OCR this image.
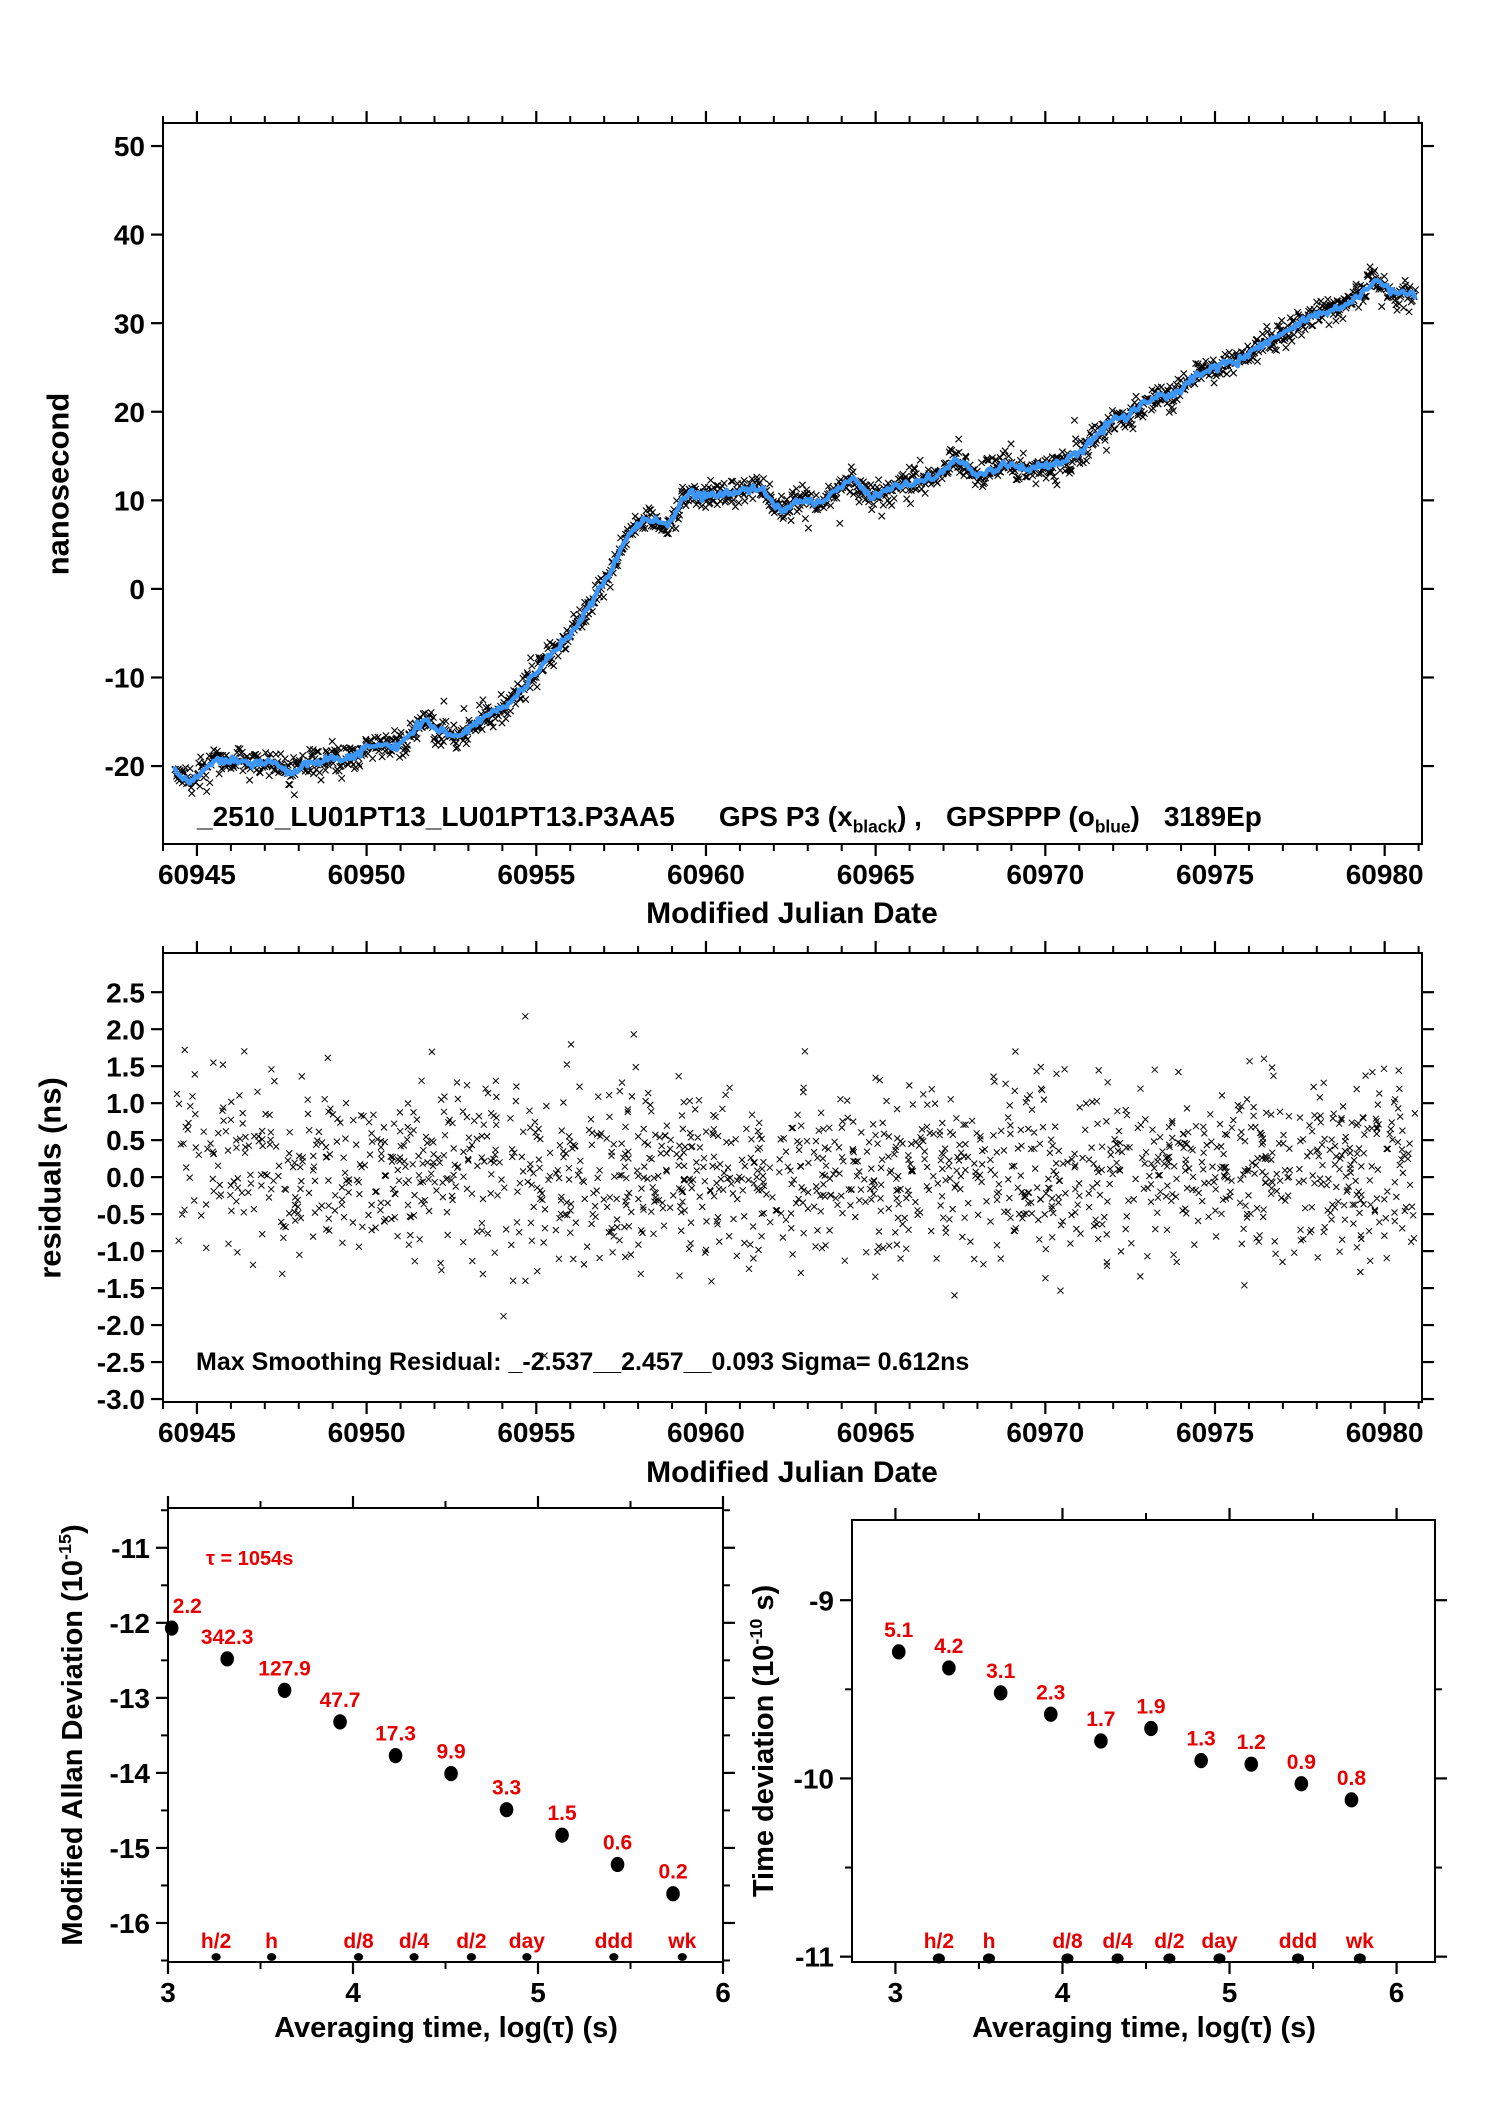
60945	60950	60955	60960	60965	60970	60975	60980
-20
-10
0
10
20
30
40
50
60945	60950	60955	60960	60965	60970	60975	60980
-3.0
-2.5
-2.0
-1.5
-1.0
-0.5
0.0
0.5
1.0
1.5
2.0
2.5
3	4	5	6
-16
-15
-14
-13
-12
-11
2.2
342.3
127.9
47.7
17.3
9.9
3.3
1.5
0.6
0.2
h/2 h	d/8 d/4 d/2 day ddd wk
3	4	5	6
-11
-10
-9
5.1
4.2
3.1
2.3
1.7
1.9
1.3 1.2
0.9
0.8
h/2 h	d/8 d/4 d/2 day ddd wk
nanosecond
_2510_LU01PT13_LU01PT13.P3AA5 GPS P3 $(x_{black})$ , GPSPPP $(o_{blue})$ 3189Ep
Modified Julian Date
residuals (ns)
Max Smoothing Residual: _-2.537__2.457__0.093 Sigma= 0.612ns
Modified Julian Date
Modified Allan Deviation $(10^{-15})$
τ = 1054s
Averaging time, log(τ) (s)
Time deviation ($10^{-10}$ s)
Averaging time, log(τ) (s)
